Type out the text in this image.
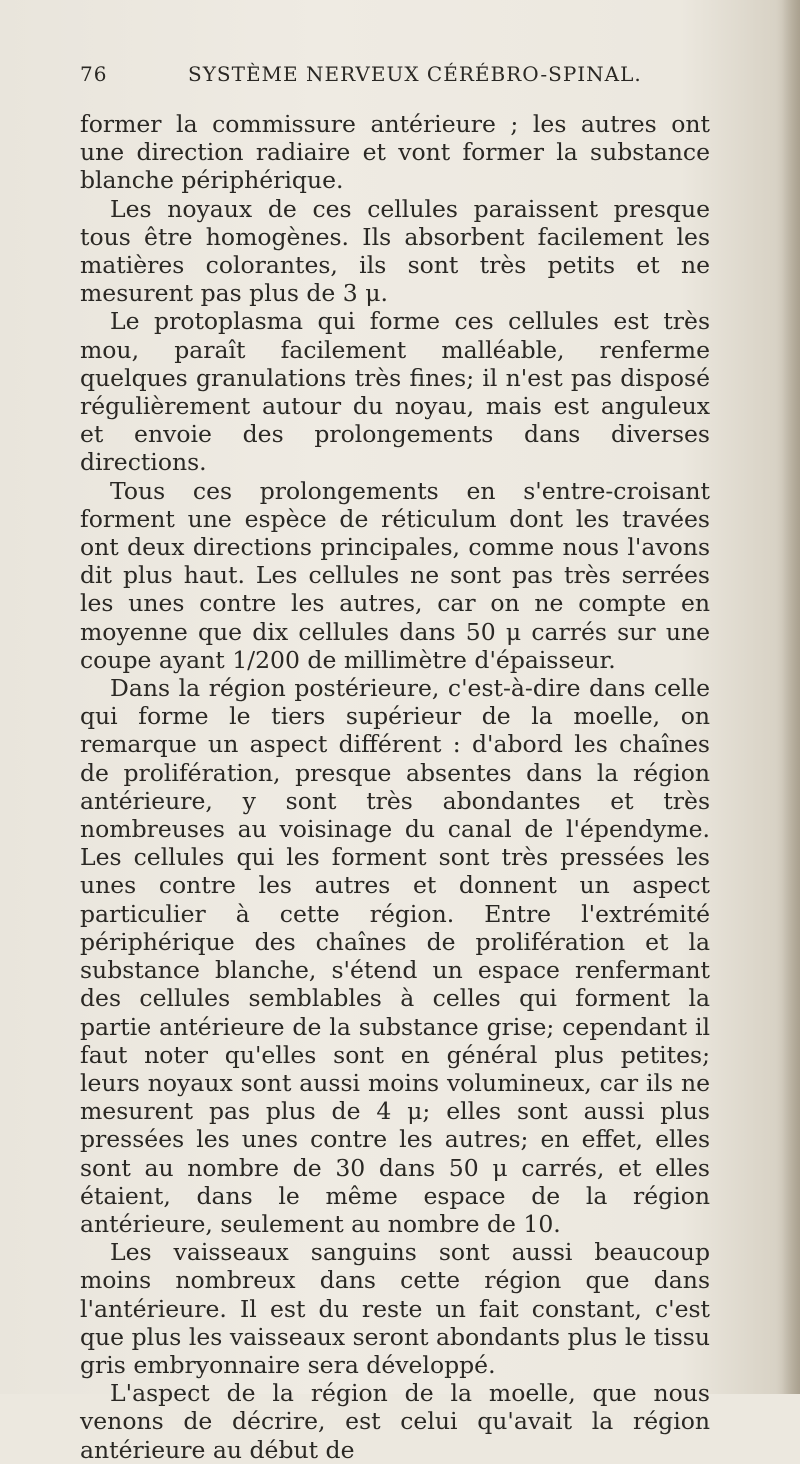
76	SYSTÈME NERVEUX CÉRÉBRO-SPINAL.

former la commissure antérieure ; les autres ont une direction radiaire et vont former la substance blanche périphérique.

Les noyaux de ces cellules paraissent presque tous être homogènes. Ils absorbent facilement les matières colorantes, ils sont très petits et ne mesurent pas plus de 3 μ.

Le protoplasma qui forme ces cellules est très mou, paraît facilement malléable, renferme quelques granulations très fines; il n'est pas disposé régulièrement autour du noyau, mais est anguleux et envoie des prolongements dans diverses directions.

Tous ces prolongements en s'entre-croisant forment une espèce de réticulum dont les travées ont deux directions principales, comme nous l'avons dit plus haut. Les cellules ne sont pas très serrées les unes contre les autres, car on ne compte en moyenne que dix cellules dans 50 μ carrés sur une coupe ayant 1/200 de millimètre d'épaisseur.

Dans la région postérieure, c'est-à-dire dans celle qui forme le tiers supérieur de la moelle, on remarque un aspect différent : d'abord les chaînes de prolifération, presque absentes dans la région antérieure, y sont très abondantes et très nombreuses au voisinage du canal de l'épendyme. Les cellules qui les forment sont très pressées les unes contre les autres et donnent un aspect particulier à cette région. Entre l'extrémité périphérique des chaînes de prolifération et la substance blanche, s'étend un espace renfermant des cellules semblables à celles qui forment la partie antérieure de la substance grise; cependant il faut noter qu'elles sont en général plus petites; leurs noyaux sont aussi moins volumineux, car ils ne mesurent pas plus de 4 μ; elles sont aussi plus pressées les unes contre les autres; en effet, elles sont au nombre de 30 dans 50 μ carrés, et elles étaient, dans le même espace de la région antérieure, seulement au nombre de 10.

Les vaisseaux sanguins sont aussi beaucoup moins nombreux dans cette région que dans l'antérieure. Il est du reste un fait constant, c'est que plus les vaisseaux seront abondants plus le tissu gris embryonnaire sera développé.

L'aspect de la région de la moelle, que nous venons de décrire, est celui qu'avait la région antérieure au début de
